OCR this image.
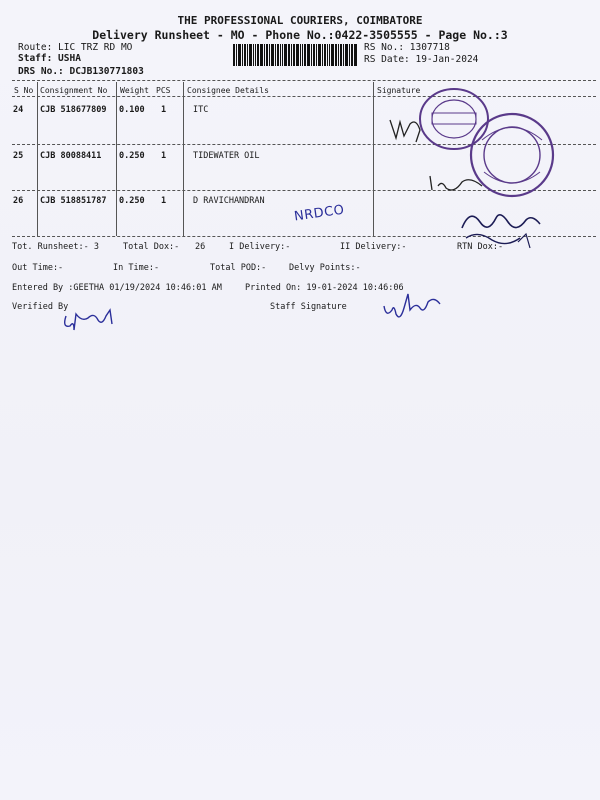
THE PROFESSIONAL COURIERS, COIMBATORE
Delivery Runsheet - MO - Phone No.:0422-3505555 - Page No.:3
Route: LIC TRZ RD MO
Staff: USHA
DRS No.: DCJB130771803
RS No.: 1307718
RS Date: 19-Jan-2024
S No Consignment No Weight PCS Consignee Details	Signature
24 CJB 518677809 0.100 1	ITC
25 CJB 80088411 0.250 1	TIDEWATER OIL
26 CJB 518851787 0.250 1	D RAVICHANDRAN
NRDCO
Tot. Runsheet:- 3	Total Dox:- 26	I Delivery:-	II Delivery:-	RTN Dox:-
Out Time:-	In Time:-	Total POD:-	Delvy Points:-
Entered By :GEETHA 01/19/2024 10:46:01 AM	Printed On: 19-01-2024 10:46:06
Verified By	Staff Signature
